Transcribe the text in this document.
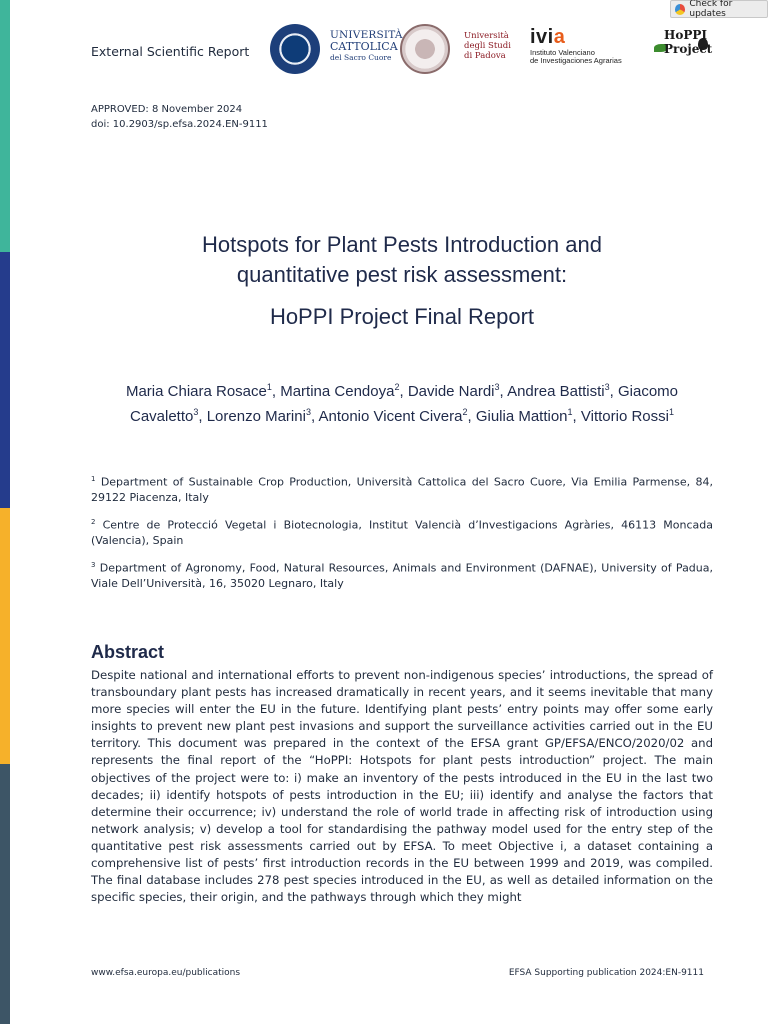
Check for updates
External Scientific Report
UNIVERSITÀ
CATTOLICA
del Sacro Cuore
Università
degli Studi
di Padova
ivia
Instituto Valenciano
de Investigaciones Agrarias
HoPPI
Project
APPROVED: 8 November 2024
doi: 10.2903/sp.efsa.2024.EN-9111
Hotspots for Plant Pests Introduction and
quantitative pest risk assessment:
HoPPI Project Final Report
Maria Chiara Rosace$^1$, Martina Cendoya$^2$, Davide Nardi$^3$, Andrea Battisti$^3$, Giacomo Cavaletto$^3$, Lorenzo Marini$^3$, Antonio Vicent Civera$^2$, Giulia Mattion$^1$, Vittorio Rossi$^1$
$^1$ Department of Sustainable Crop Production, Università Cattolica del Sacro Cuore, Via Emilia Parmense, 84, 29122 Piacenza, Italy
$^2$ Centre de Protecció Vegetal i Biotecnologia, Institut Valencià d’Investigacions Agràries, 46113 Moncada (Valencia), Spain
$^3$ Department of Agronomy, Food, Natural Resources, Animals and Environment (DAFNAE), University of Padua, Viale Dell’Università, 16, 35020 Legnaro, Italy
Abstract
Despite national and international efforts to prevent non-indigenous species’ introductions, the spread of transboundary plant pests has increased dramatically in recent years, and it seems inevitable that many more species will enter the EU in the future. Identifying plant pests’ entry points may offer some early insights to prevent new plant pest invasions and support the surveillance activities carried out in the EU territory. This document was prepared in the context of the EFSA grant GP/EFSA/ENCO/2020/02 and represents the final report of the “HoPPI: Hotspots for plant pests introduction” project. The main objectives of the project were to: i) make an inventory of the pests introduced in the EU in the last two decades; ii) identify hotspots of pests introduction in the EU; iii) identify and analyse the factors that determine their occurrence; iv) understand the role of world trade in affecting risk of introduction using network analysis; v) develop a tool for standardising the pathway model used for the entry step of the quantitative pest risk assessments carried out by EFSA. To meet Objective i, a dataset containing a comprehensive list of pests’ first introduction records in the EU between 1999 and 2019, was compiled. The final database includes 278 pest species introduced in the EU, as well as detailed information on the specific species, their origin, and the pathways through which they might
www.efsa.europa.eu/publications	EFSA Supporting publication 2024:EN-9111
